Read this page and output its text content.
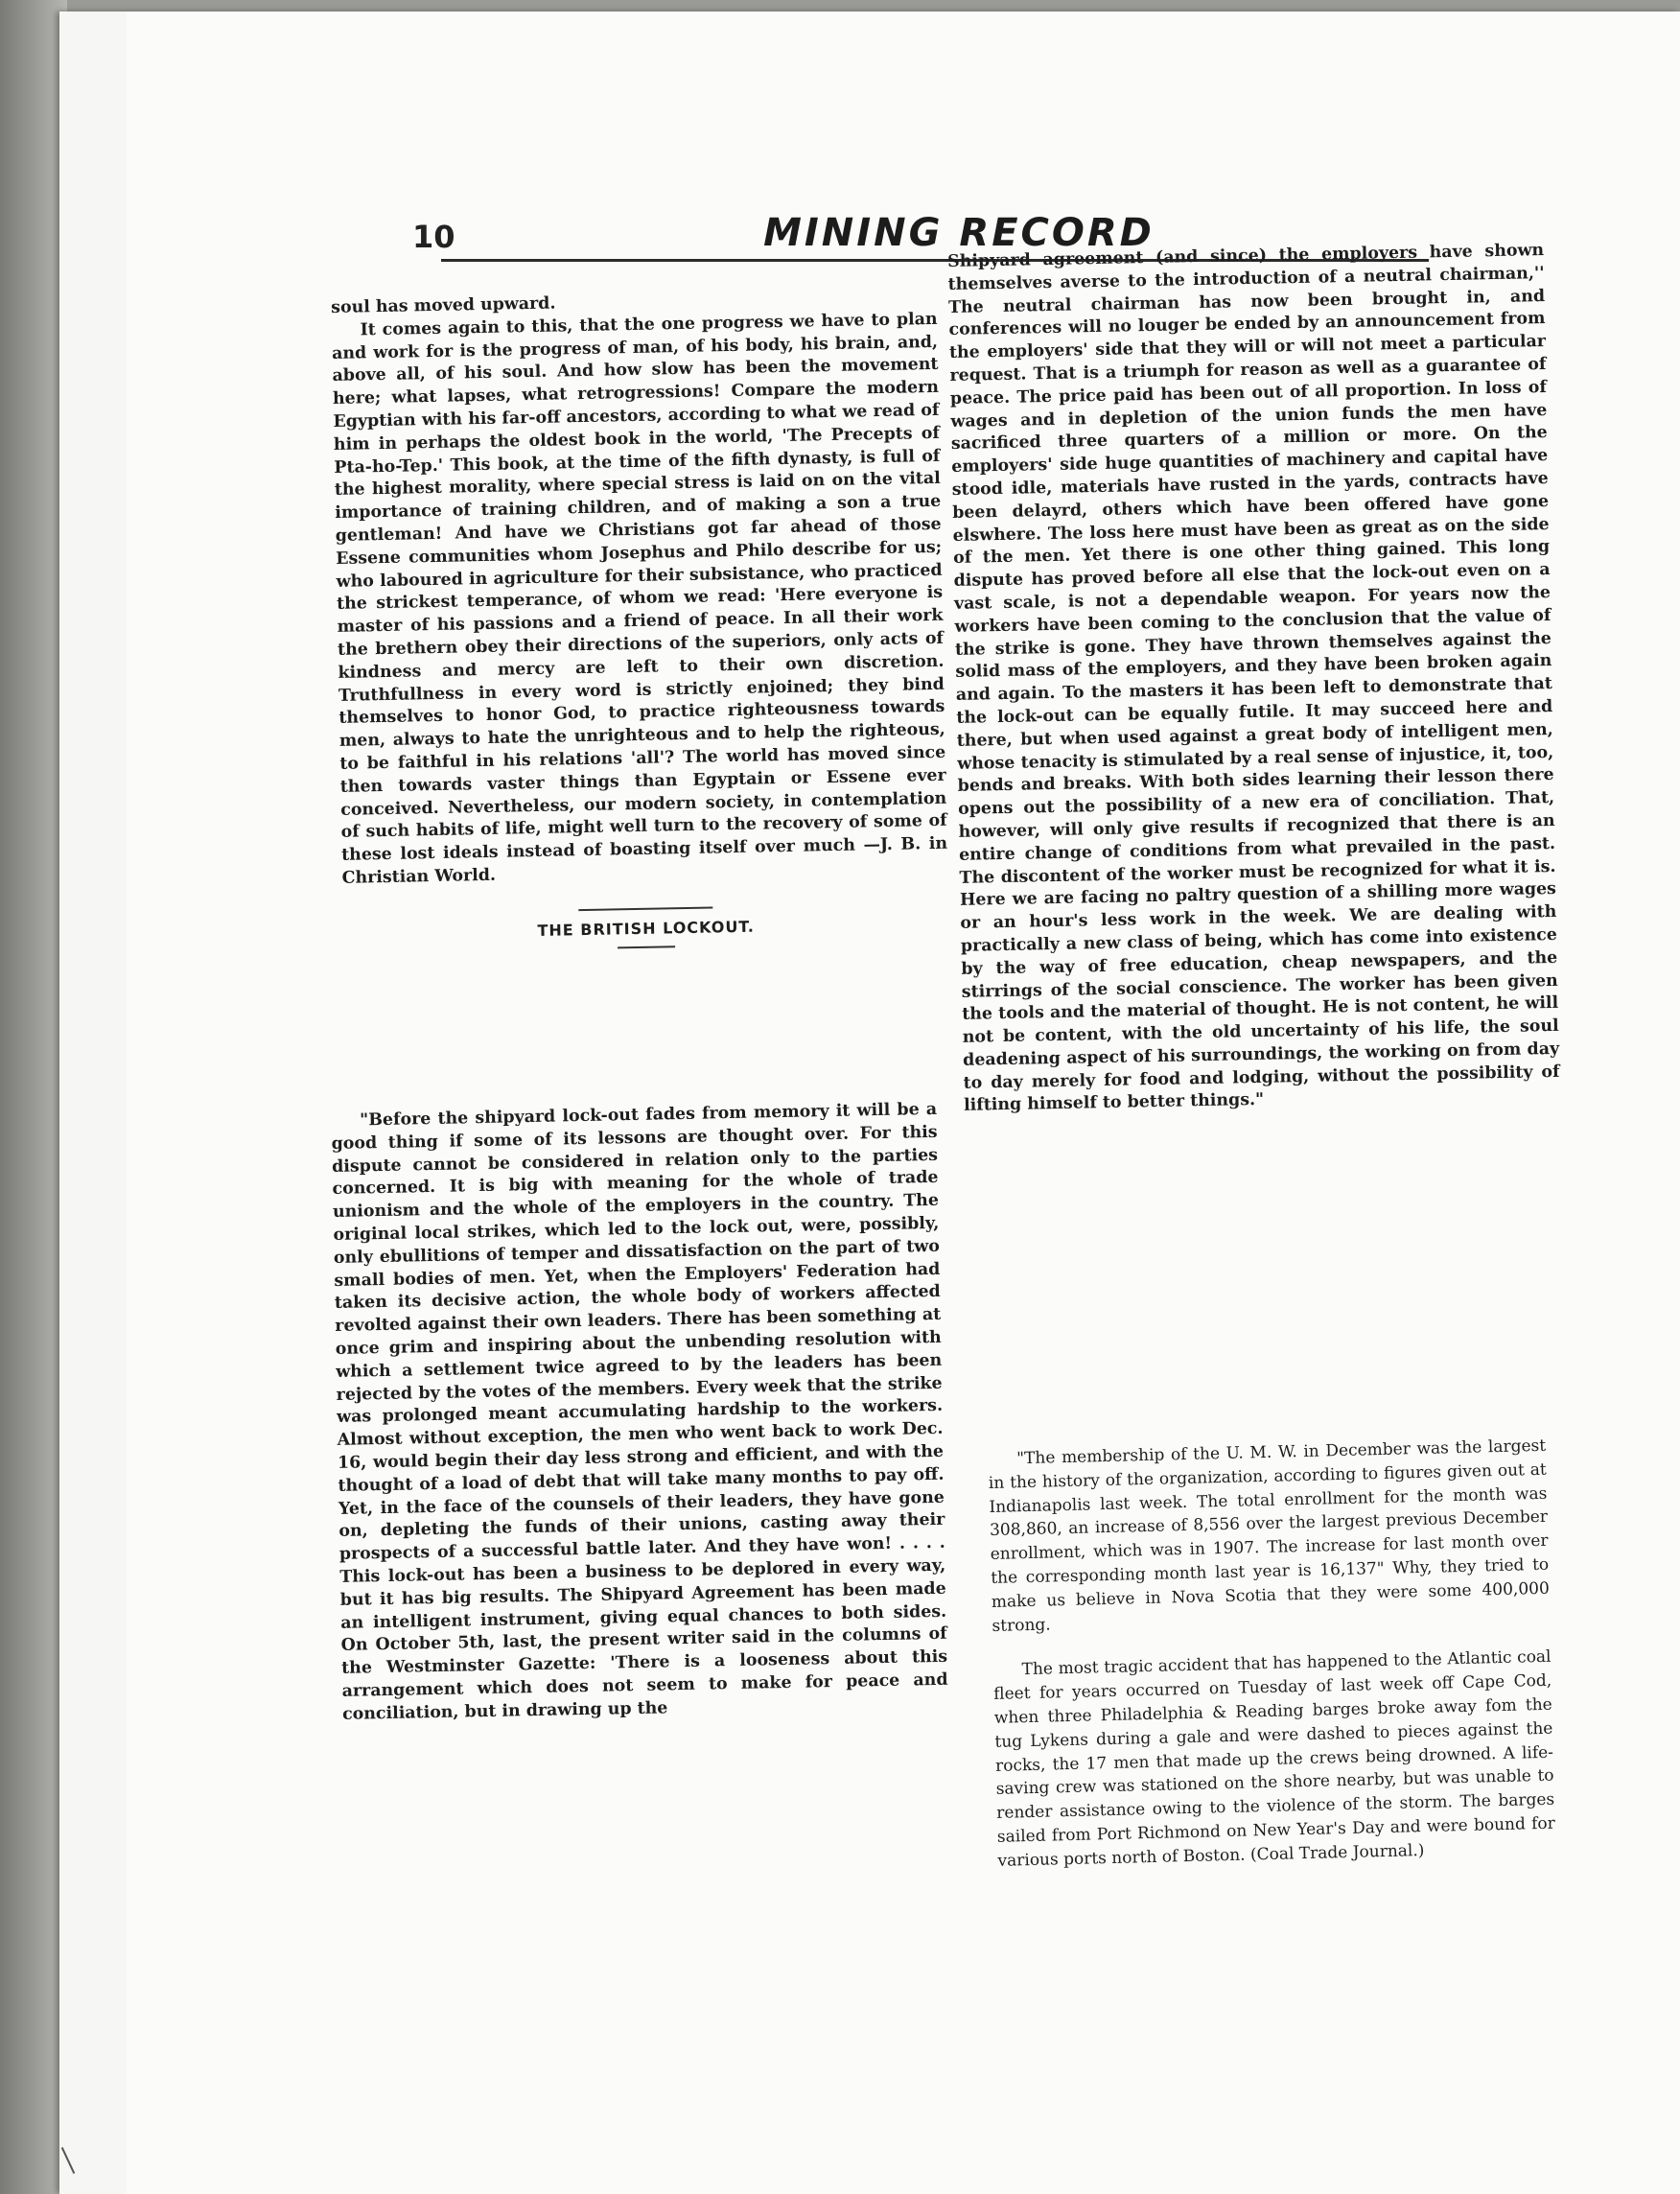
10	MINING RECORD

soul has moved upward.

It comes again to this, that the one progress we have to plan and work for is the progress of man, of his body, his brain, and, above all, of his soul. And how slow has been the movement here; what lapses, what retrogressions! Compare the modern Egyptian with his far-off ancestors, according to what we read of him in perhaps the oldest book in the world, 'The Precepts of Pta-ho-Tep.' This book, at the time of the fifth dynasty, is full of the highest morality, where special stress is laid on on the vital importance of training children, and of making a son a true gentleman! And have we Christians got far ahead of those Essene communities whom Josephus and Philo describe for us; who laboured in agriculture for their subsistance, who practiced the strickest temperance, of whom we read: 'Here everyone is master of his passions and a friend of peace. In all their work the brethern obey their directions of the superiors, only acts of kindness and mercy are left to their own discretion. Truthfullness in every word is strictly enjoined; they bind themselves to honor God, to practice righteousness towards men, always to hate the unrighteous and to help the righteous, to be faithful in his relations 'all'? The world has moved since then towards vaster things than Egyptain or Essene ever conceived. Nevertheless, our modern society, in contemplation of such habits of life, might well turn to the recovery of some of these lost ideals instead of boasting itself over much —J. B. in Christian World.

THE BRITISH LOCKOUT.

"Before the shipyard lock-out fades from memory it will be a good thing if some of its lessons are thought over. For this dispute cannot be considered in relation only to the parties concerned. It is big with meaning for the whole of trade unionism and the whole of the employers in the country. The original local strikes, which led to the lock out, were, possibly, only ebullitions of temper and dissatisfaction on the part of two small bodies of men. Yet, when the Employers' Federation had taken its decisive action, the whole body of workers affected revolted against their own leaders. There has been something at once grim and inspiring about the unbending resolution with which a settlement twice agreed to by the leaders has been rejected by the votes of the members. Every week that the strike was prolonged meant accumulating hardship to the workers. Almost without exception, the men who went back to work Dec. 16, would begin their day less strong and efficient, and with the thought of a load of debt that will take many months to pay off. Yet, in the face of the counsels of their leaders, they have gone on, depleting the funds of their unions, casting away their prospects of a successful battle later. And they have won! . . . . This lock-out has been a business to be deplored in every way, but it has big results. The Shipyard Agreement has been made an intelligent instrument, giving equal chances to both sides. On October 5th, last, the present writer said in the columns of the Westminster Gazette: 'There is a looseness about this arrangement which does not seem to make for peace and conciliation, but in drawing up the

Shipyard agreement (and since) the employers have shown themselves averse to the introduction of a neutral chairman,'' The neutral chairman has now been brought in, and conferences will no louger be ended by an announcement from the employers' side that they will or will not meet a particular request. That is a triumph for reason as well as a guarantee of peace. The price paid has been out of all proportion. In loss of wages and in depletion of the union funds the men have sacrificed three quarters of a million or more. On the employers' side huge quantities of machinery and capital have stood idle, materials have rusted in the yards, contracts have been delayrd, others which have been offered have gone elswhere. The loss here must have been as great as on the side of the men. Yet there is one other thing gained. This long dispute has proved before all else that the lock-out even on a vast scale, is not a dependable weapon. For years now the workers have been coming to the conclusion that the value of the strike is gone. They have thrown themselves against the solid mass of the employers, and they have been broken again and again. To the masters it has been left to demonstrate that the lock-out can be equally futile. It may succeed here and there, but when used against a great body of intelligent men, whose tenacity is stimulated by a real sense of injustice, it, too, bends and breaks. With both sides learning their lesson there opens out the possibility of a new era of conciliation. That, however, will only give results if recognized that there is an entire change of conditions from what prevailed in the past. The discontent of the worker must be recognized for what it is. Here we are facing no paltry question of a shilling more wages or an hour's less work in the week. We are dealing with practically a new class of being, which has come into existence by the way of free education, cheap newspapers, and the stirrings of the social conscience. The worker has been given the tools and the material of thought. He is not content, he will not be content, with the old uncertainty of his life, the soul deadening aspect of his surroundings, the working on from day to day merely for food and lodging, without the possibility of lifting himself to better things."

"The membership of the U. M. W. in December was the largest in the history of the organization, according to figures given out at Indianapolis last week. The total enrollment for the month was 308,860, an increase of 8,556 over the largest previous December enrollment, which was in 1907. The increase for last month over the corresponding month last year is 16,137" Why, they tried to make us believe in Nova Scotia that they were some 400,000 strong.

The most tragic accident that has happened to the Atlantic coal fleet for years occurred on Tuesday of last week off Cape Cod, when three Philadelphia & Reading barges broke away fom the tug Lykens during a gale and were dashed to pieces against the rocks, the 17 men that made up the crews being drowned. A life-saving crew was stationed on the shore nearby, but was unable to render assistance owing to the violence of the storm. The barges sailed from Port Richmond on New Year's Day and were bound for various ports north of Boston. (Coal Trade Journal.)
